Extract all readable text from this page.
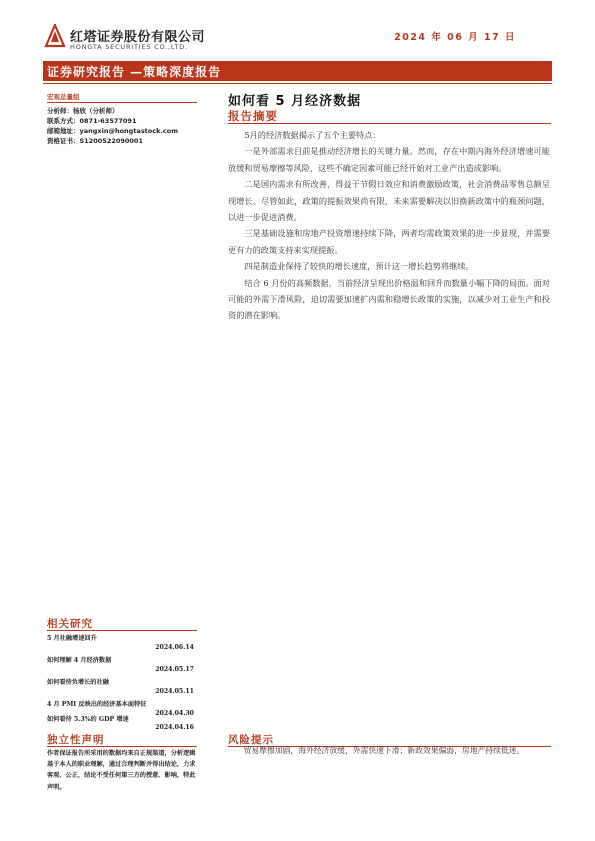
红塔证券股份有限公司
HONGTA SECURITIES CO.,LTD.
2024 年 06 月 17 日
证券研究报告 —策略深度报告
宏观总量组
分析师：杨欣（分析师）
联系方式：0871-63577091
邮箱地址：yangxin@hongtastock.com
资格证书：S1200522090001
如何看 5 月经济数据
报告摘要

5月的经济数据揭示了五个主要特点：

一是外部需求目前是推动经济增长的关键力量。然而，存在中期内海外经济增速可能放缓和贸易摩擦等风险，这些不确定因素可能已经开始对工业产出造成影响。

二是国内需求有所改善，得益于节假日效应和消费激励政策，社会消费品零售总额呈现增长。尽管如此，政策的提振效果尚有限，未来需要解决以旧换新政策中的瓶颈问题，以进一步促进消费。

三是基础设施和房地产投资增速持续下降，两者均需政策效果的进一步显现，并需要更有力的政策支持来实现提振。

四是制造业保持了较快的增长速度，预计这一增长趋势将继续。

结合 6 月份的高频数据，当前经济呈现出价格温和回升而数量小幅下降的局面。面对可能的外需下滑风险，迫切需要加速扩内需和稳增长政策的实施，以减少对工业生产和投资的潜在影响。

相关研究
5 月社融增速回升
2024.06.14
如何理解 4 月经济数据
2024.05.17
如何看待负增长的社融
2024.05.11
4 月 PMI 反映出的经济基本面特征
2024.04.30
如何看待 5.3%的 GDP 增速
2024.04.16
独立性声明
作者保证报告所采用的数据均来自正规渠道，分析逻辑基于本人的职业理解，通过合理判断并得出结论，力求客观、公正，结论不受任何第三方的授意、影响，特此声明。
风险提示
贸易摩擦加剧，海外经济放缓，外需快速下滑；新政效果偏弱，房地产持续低迷。
